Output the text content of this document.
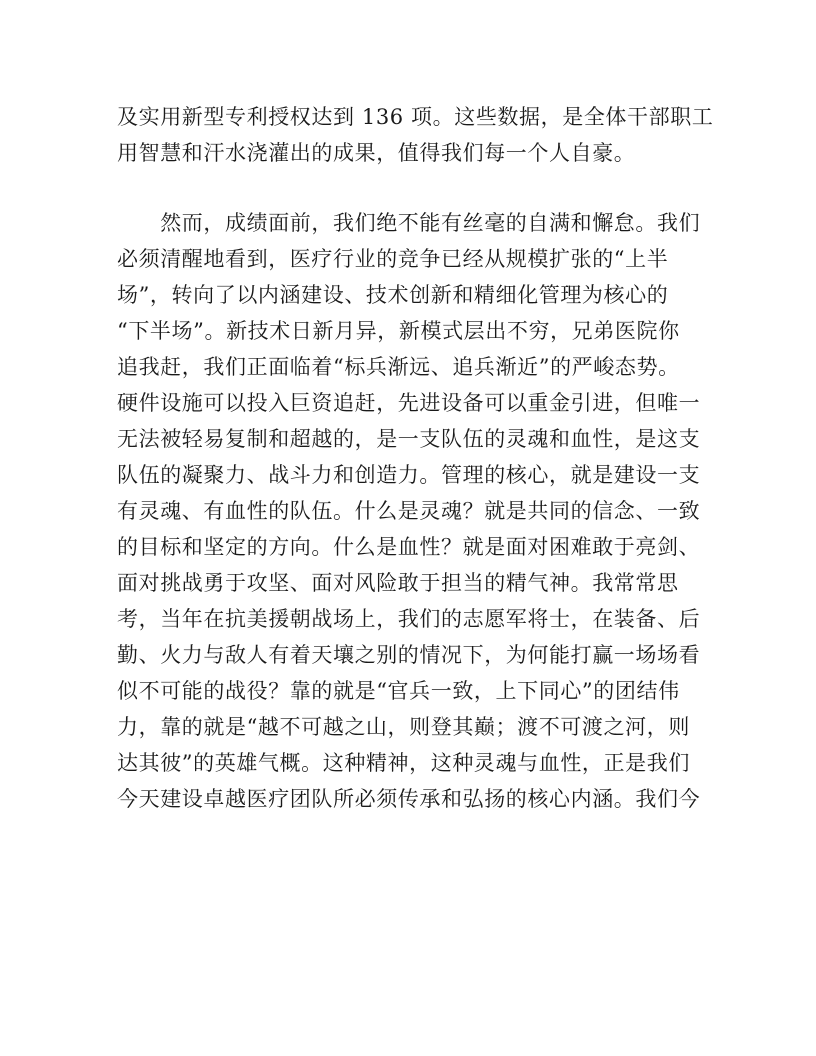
及实用新型专利授权达到 136 项。这些数据，是全体干部职工
用智慧和汗水浇灌出的成果，值得我们每一个人自豪。
　　然而，成绩面前，我们绝不能有丝毫的自满和懈怠。我们
必须清醒地看到，医疗行业的竞争已经从规模扩张的“上半
场”，转向了以内涵建设、技术创新和精细化管理为核心的
“下半场”。新技术日新月异，新模式层出不穷，兄弟医院你
追我赶，我们正面临着“标兵渐远、追兵渐近”的严峻态势。
硬件设施可以投入巨资追赶，先进设备可以重金引进，但唯一
无法被轻易复制和超越的，是一支队伍的灵魂和血性，是这支
队伍的凝聚力、战斗力和创造力。管理的核心，就是建设一支
有灵魂、有血性的队伍。什么是灵魂？就是共同的信念、一致
的目标和坚定的方向。什么是血性？就是面对困难敢于亮剑、
面对挑战勇于攻坚、面对风险敢于担当的精气神。我常常思
考，当年在抗美援朝战场上，我们的志愿军将士，在装备、后
勤、火力与敌人有着天壤之别的情况下，为何能打赢一场场看
似不可能的战役？靠的就是“官兵一致，上下同心”的团结伟
力，靠的就是“越不可越之山，则登其巅；渡不可渡之河，则
达其彼”的英雄气概。这种精神，这种灵魂与血性，正是我们
今天建设卓越医疗团队所必须传承和弘扬的核心内涵。我们今
